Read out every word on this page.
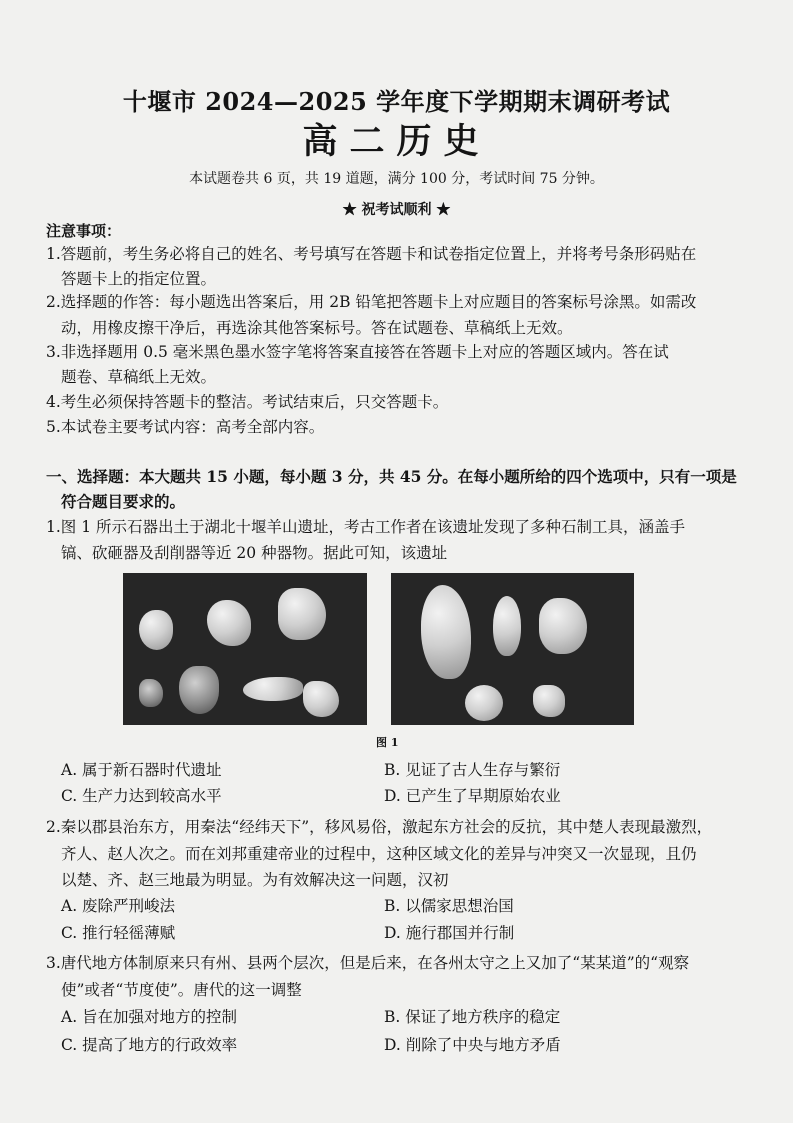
十堰市 2024—2025 学年度下学期期末调研考试
高二历史
本试题卷共 6 页，共 19 道题，满分 100 分，考试时间 75 分钟。
★ 祝考试顺利 ★
注意事项：
1.答题前，考生务必将自己的姓名、考号填写在答题卡和试卷指定位置上，并将考号条形码贴在
答题卡上的指定位置。
2.选择题的作答：每小题选出答案后，用 2B 铅笔把答题卡上对应题目的答案标号涂黑。如需改
动，用橡皮擦干净后，再选涂其他答案标号。答在试题卷、草稿纸上无效。
3.非选择题用 0.5 毫米黑色墨水签字笔将答案直接答在答题卡上对应的答题区域内。答在试
题卷、草稿纸上无效。
4.考生必须保持答题卡的整洁。考试结束后，只交答题卡。
5.本试卷主要考试内容：高考全部内容。
一、选择题：本大题共 15 小题，每小题 3 分，共 45 分。在每小题所给的四个选项中，只有一项是
符合题目要求的。
1.图 1 所示石器出土于湖北十堰羊山遗址，考古工作者在该遗址发现了多种石制工具，涵盖手
镐、砍砸器及刮削器等近 20 种器物。据此可知，该遗址
图 1
A. 属于新石器时代遗址	B. 见证了古人生存与繁衍
C. 生产力达到较高水平	D. 已产生了早期原始农业
2.秦以郡县治东方，用秦法“经纬天下”，移风易俗，激起东方社会的反抗，其中楚人表现最激烈，
齐人、赵人次之。而在刘邦重建帝业的过程中，这种区域文化的差异与冲突又一次显现，且仍
以楚、齐、赵三地最为明显。为有效解决这一问题，汉初
A. 废除严刑峻法	B. 以儒家思想治国
C. 推行轻徭薄赋	D. 施行郡国并行制
3.唐代地方体制原来只有州、县两个层次，但是后来，在各州太守之上又加了“某某道”的“观察
使”或者“节度使”。唐代的这一调整
A. 旨在加强对地方的控制	B. 保证了地方秩序的稳定
C. 提高了地方的行政效率	D. 削除了中央与地方矛盾
